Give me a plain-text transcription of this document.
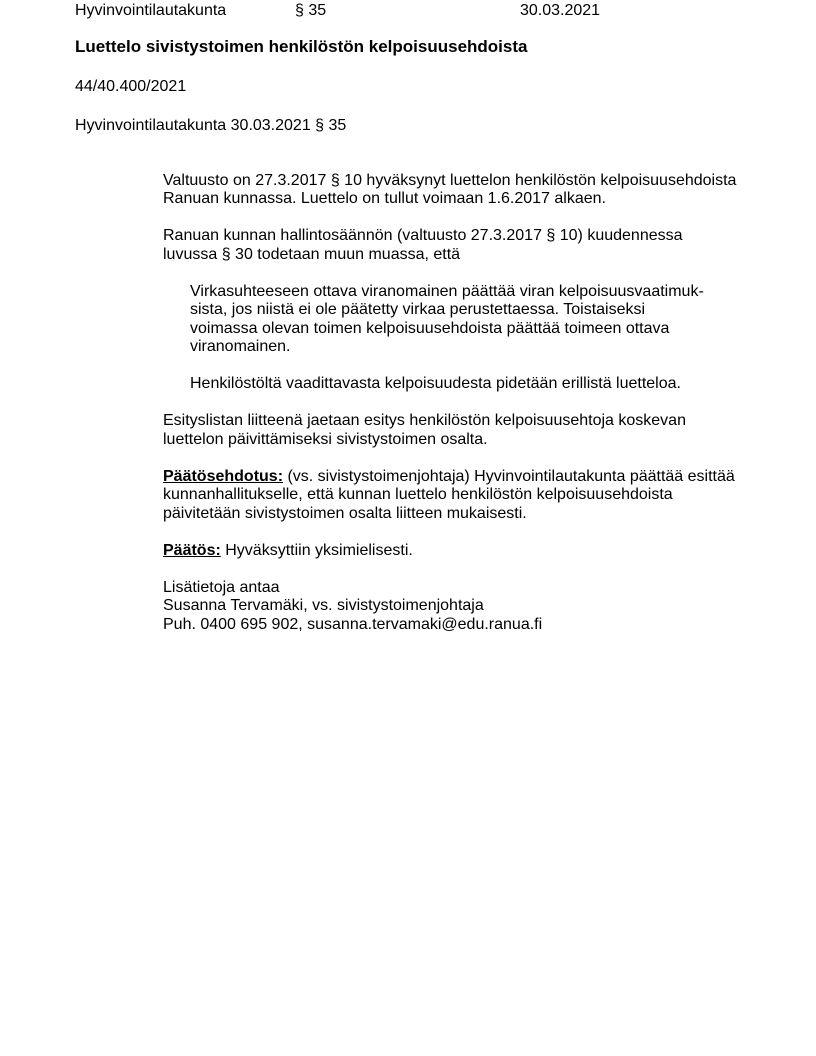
Hyvinvointilautakunta	§ 35	30.03.2021
Luettelo sivistystoimen henkilöstön kelpoisuusehdoista
44/40.400/2021
Hyvinvointilautakunta 30.03.2021 § 35
Valtuusto on 27.3.2017 § 10 hyväksynyt luettelon henkilöstön kelpoisuusehdoista
Ranuan kunnassa. Luettelo on tullut voimaan 1.6.2017 alkaen.
Ranuan kunnan hallintosäännön (valtuusto 27.3.2017 § 10) kuudennessa
luvussa § 30 todetaan muun muassa, että
Virkasuhteeseen ottava viranomainen päättää viran kelpoisuusvaatimuk-
sista, jos niistä ei ole päätetty virkaa perustettaessa. Toistaiseksi
voimassa olevan toimen kelpoisuusehdoista päättää toimeen ottava
viranomainen.
Henkilöstöltä vaadittavasta kelpoisuudesta pidetään erillistä luetteloa.
Esityslistan liitteenä jaetaan esitys henkilöstön kelpoisuusehtoja koskevan
luettelon päivittämiseksi sivistystoimen osalta.
Päätösehdotus: (vs. sivistystoimenjohtaja) Hyvinvointilautakunta päättää esittää
kunnanhallitukselle, että kunnan luettelo henkilöstön kelpoisuusehdoista
päivitetään sivistystoimen osalta liitteen mukaisesti.
Päätös: Hyväksyttiin yksimielisesti.
Lisätietoja antaa
Susanna Tervamäki, vs. sivistystoimenjohtaja
Puh. 0400 695 902, susanna.tervamaki@edu.ranua.fi
